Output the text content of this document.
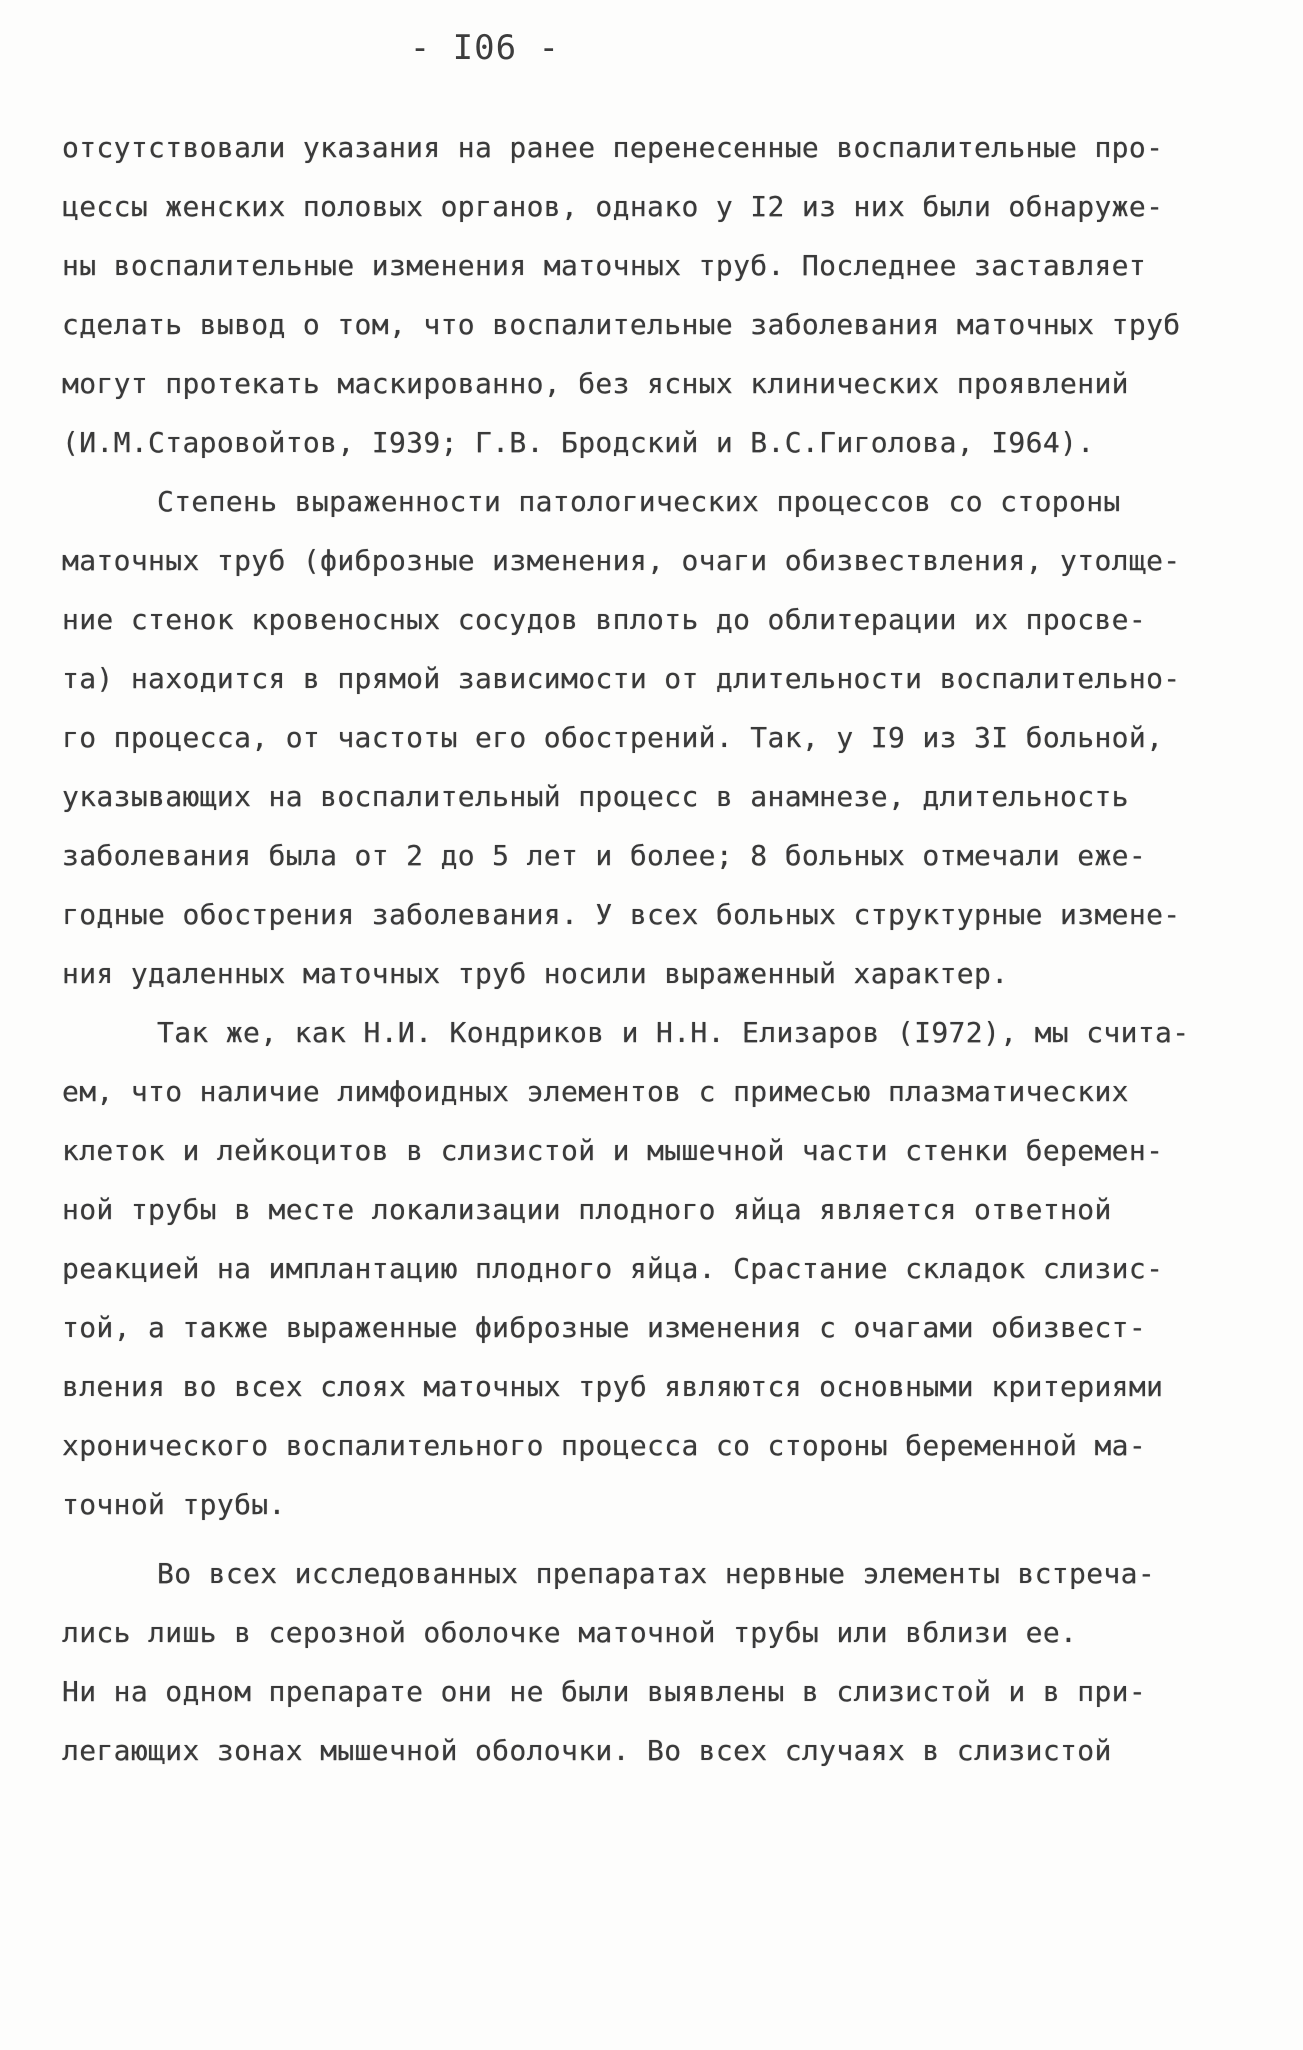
- I06 -
отсутствовали указания на ранее перенесенные воспалительные про-
цессы женских половых органов, однако у I2 из них были обнаруже-
ны воспалительные изменения маточных труб. Последнее заставляет
сделать вывод о том, что воспалительные заболевания маточных труб
могут протекать маскированно, без ясных клинических проявлений
(И.М.Старовойтов, I939; Г.В. Бродский и В.С.Гиголова, I964).
Степень выраженности патологических процессов со стороны
маточных труб (фиброзные изменения, очаги обизвествления, утолще-
ние стенок кровеносных сосудов вплоть до облитерации их просве-
та) находится в прямой зависимости от длительности воспалительно-
го процесса, от частоты его обострений. Так, у I9 из 3I больной,
указывающих на воспалительный процесс в анамнезе, длительность
заболевания была от 2 до 5 лет и более; 8 больных отмечали еже-
годные обострения заболевания. У всех больных структурные измене-
ния удаленных маточных труб носили выраженный характер.
Так же, как Н.И. Кондриков и Н.Н. Елизаров (I972), мы счита-
ем, что наличие лимфоидных элементов с примесью плазматических
клеток и лейкоцитов в слизистой и мышечной части стенки беремен-
ной трубы в месте локализации плодного яйца является ответной
реакцией на имплантацию плодного яйца. Срастание складок слизис-
той, а также выраженные фиброзные изменения с очагами обизвест-
вления во всех слоях маточных труб являются основными критериями
хронического воспалительного процесса со стороны беременной ма-
точной трубы.
Во всех исследованных препаратах нервные элементы встреча-
лись лишь в серозной оболочке маточной трубы или вблизи ее.
Ни на одном препарате они не были выявлены в слизистой и в при-
легающих зонах мышечной оболочки. Во всех случаях в слизистой
